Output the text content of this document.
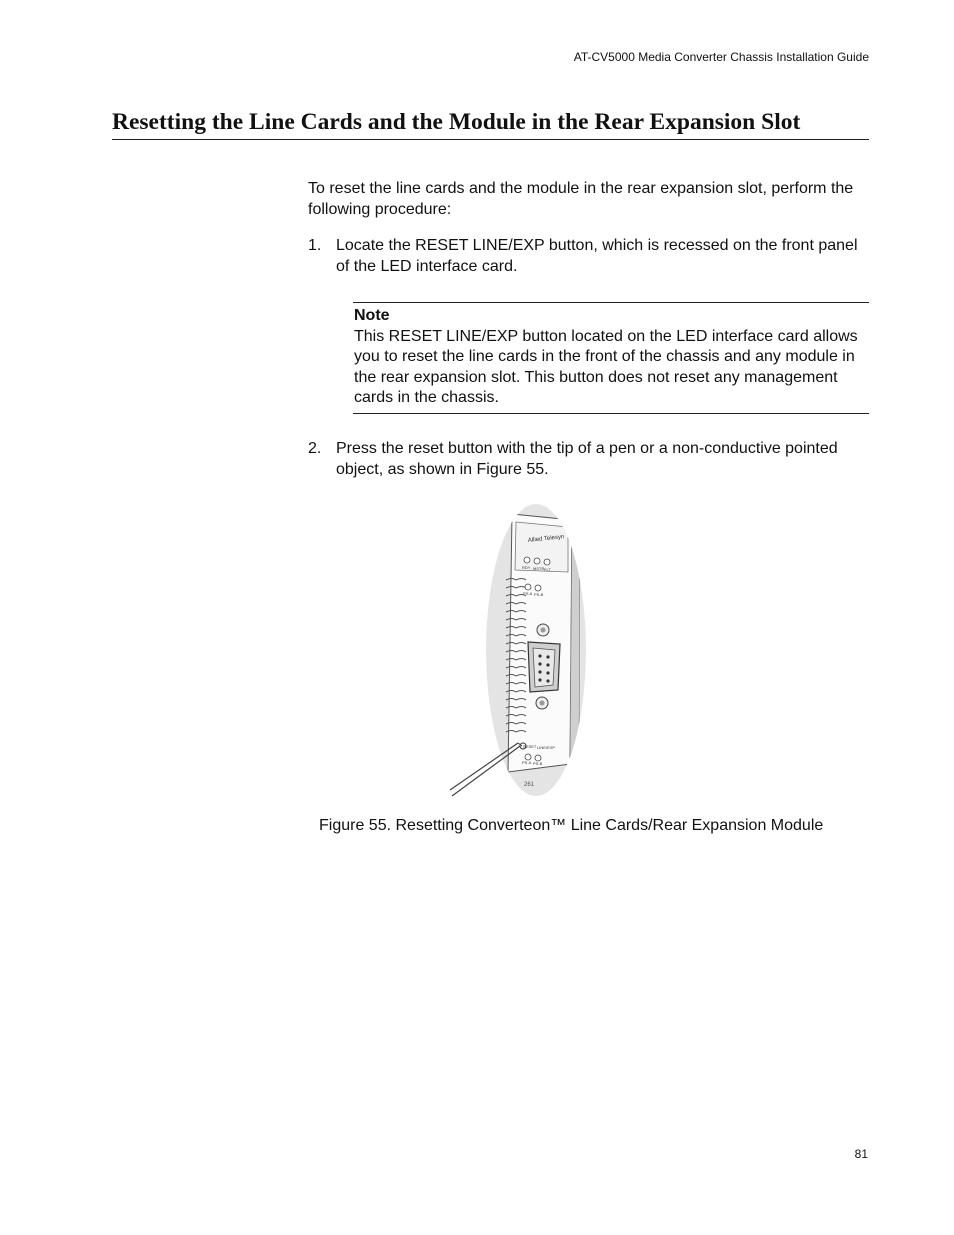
AT-CV5000 Media Converter Chassis Installation Guide
Resetting the Line Cards and the Module in the Rear Expansion Slot

To reset the line cards and the module in the rear expansion slot, perform the following procedure:

1. Locate the RESET LINE/EXP button, which is recessed on the front panel of the LED interface card.
Note
This RESET LINE/EXP button located on the LED interface card allows you to reset the line cards in the front of the chassis and any module in the rear expansion slot. This button does not reset any management cards in the chassis.
2. Press the reset button with the tip of a pen or a non-conductive pointed object, as shown in Figure 55.
Allied Telesyn
RDY MSTR FLT
PS-A PS-B
RESET LINE/EXP
PS-A PS-B
261
Figure 55. Resetting Converteon™ Line Cards/Rear Expansion Module
81
